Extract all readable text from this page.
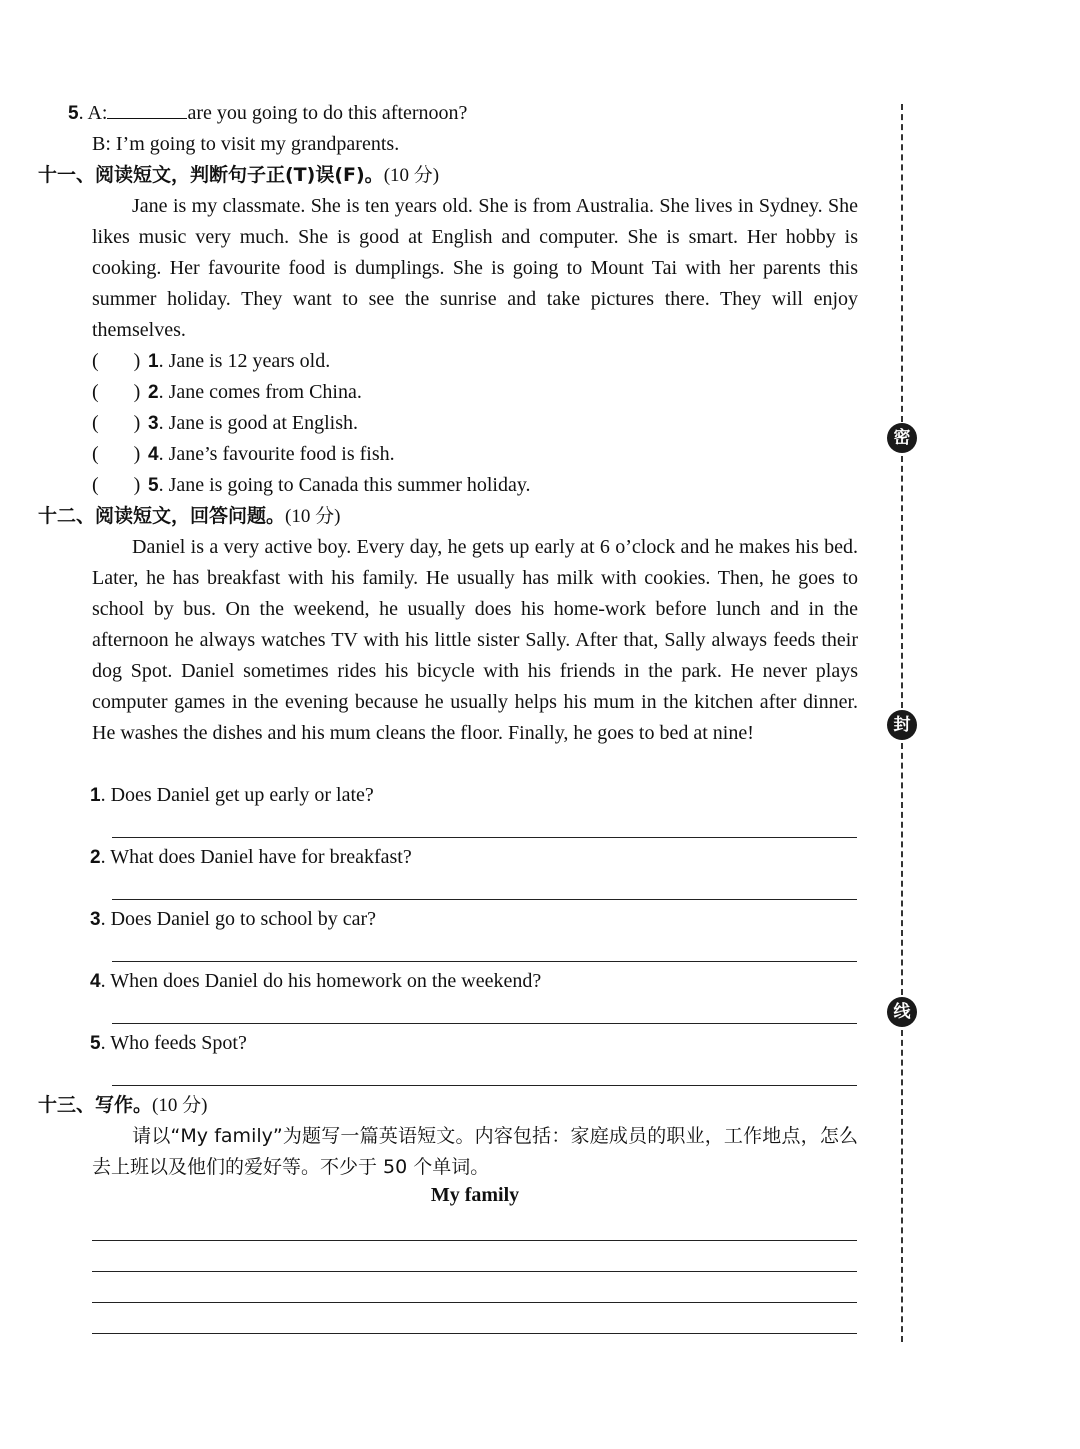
5. A:	are you going to do this afternoon?
B: I’m going to visit my grandparents.
十一、阅读短文，判断句子正(T)误(F)。(10 分)
Jane is my classmate. She is ten years old. She is from Australia. She lives in Sydney. She likes music very much. She is good at English and computer. She is smart. Her hobby is cooking. Her favourite food is dumplings. She is going to Mount Tai with her parents this summer holiday. They want to see the sunrise and take pictures there. They will enjoy themselves.
(       ) 1. Jane is 12 years old.
(       ) 2. Jane comes from China.
(       ) 3. Jane is good at English.
(       ) 4. Jane’s favourite food is fish.
(       ) 5. Jane is going to Canada this summer holiday.
十二、阅读短文，回答问题。(10 分)
Daniel is a very active boy. Every day, he gets up early at 6 o’clock and he makes his bed. Later, he has breakfast with his family. He usually has milk with cookies. Then, he goes to school by bus. On the weekend, he usually does his home-work before lunch and in the afternoon he always watches TV with his little sister Sally. After that, Sally always feeds their dog Spot. Daniel sometimes rides his bicycle with his friends in the park. He never plays computer games in the evening because he usually helps his mum in the kitchen after dinner. He washes the dishes and his mum cleans the floor. Finally, he goes to bed at nine!
1. Does Daniel get up early or late?
2. What does Daniel have for breakfast?
3. Does Daniel go to school by car?
4. When does Daniel do his homework on the weekend?
5. Who feeds Spot?
十三、写作。(10 分)
请以“My family”为题写一篇英语短文。内容包括：家庭成员的职业，工作地点，怎么去上班以及他们的爱好等。不少于 50 个单词。
My family
密
封
线
